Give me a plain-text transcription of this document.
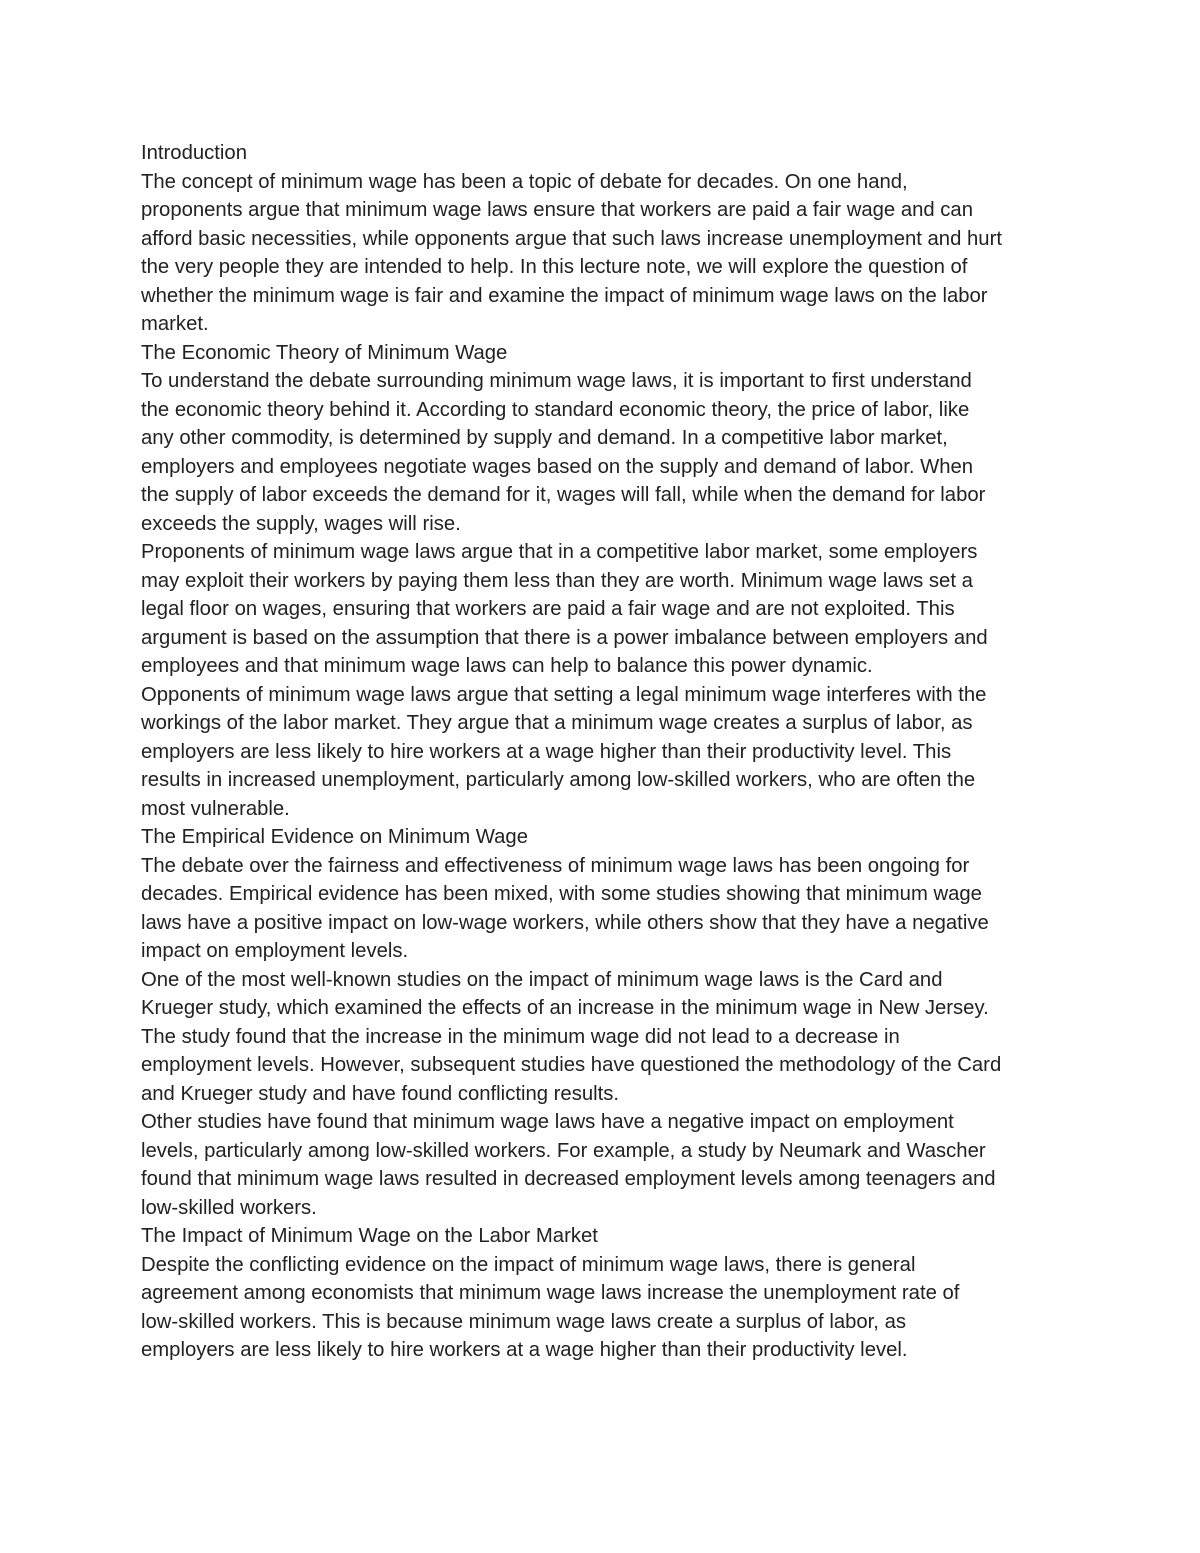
Introduction
The concept of minimum wage has been a topic of debate for decades. On one hand,
proponents argue that minimum wage laws ensure that workers are paid a fair wage and can
afford basic necessities, while opponents argue that such laws increase unemployment and hurt
the very people they are intended to help. In this lecture note, we will explore the question of
whether the minimum wage is fair and examine the impact of minimum wage laws on the labor
market.
The Economic Theory of Minimum Wage
To understand the debate surrounding minimum wage laws, it is important to first understand
the economic theory behind it. According to standard economic theory, the price of labor, like
any other commodity, is determined by supply and demand. In a competitive labor market,
employers and employees negotiate wages based on the supply and demand of labor. When
the supply of labor exceeds the demand for it, wages will fall, while when the demand for labor
exceeds the supply, wages will rise.
Proponents of minimum wage laws argue that in a competitive labor market, some employers
may exploit their workers by paying them less than they are worth. Minimum wage laws set a
legal floor on wages, ensuring that workers are paid a fair wage and are not exploited. This
argument is based on the assumption that there is a power imbalance between employers and
employees and that minimum wage laws can help to balance this power dynamic.
Opponents of minimum wage laws argue that setting a legal minimum wage interferes with the
workings of the labor market. They argue that a minimum wage creates a surplus of labor, as
employers are less likely to hire workers at a wage higher than their productivity level. This
results in increased unemployment, particularly among low-skilled workers, who are often the
most vulnerable.
The Empirical Evidence on Minimum Wage
The debate over the fairness and effectiveness of minimum wage laws has been ongoing for
decades. Empirical evidence has been mixed, with some studies showing that minimum wage
laws have a positive impact on low-wage workers, while others show that they have a negative
impact on employment levels.
One of the most well-known studies on the impact of minimum wage laws is the Card and
Krueger study, which examined the effects of an increase in the minimum wage in New Jersey.
The study found that the increase in the minimum wage did not lead to a decrease in
employment levels. However, subsequent studies have questioned the methodology of the Card
and Krueger study and have found conflicting results.
Other studies have found that minimum wage laws have a negative impact on employment
levels, particularly among low-skilled workers. For example, a study by Neumark and Wascher
found that minimum wage laws resulted in decreased employment levels among teenagers and
low-skilled workers.
The Impact of Minimum Wage on the Labor Market
Despite the conflicting evidence on the impact of minimum wage laws, there is general
agreement among economists that minimum wage laws increase the unemployment rate of
low-skilled workers. This is because minimum wage laws create a surplus of labor, as
employers are less likely to hire workers at a wage higher than their productivity level.
